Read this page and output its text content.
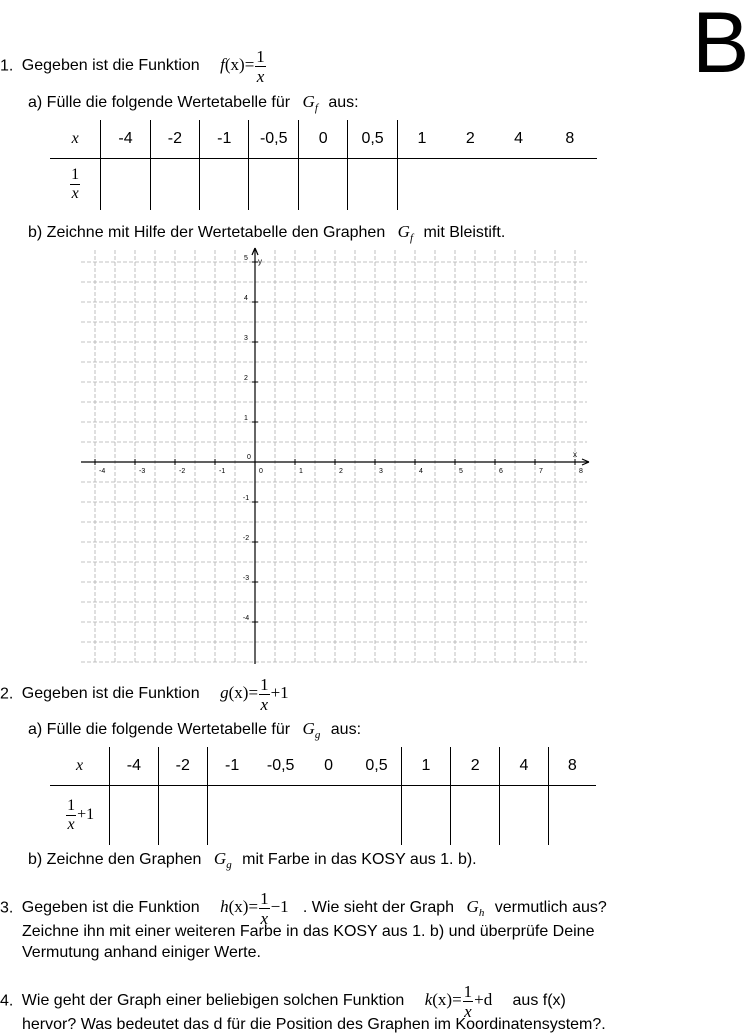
B
1. Gegeben ist die Funktion $f(x)= \frac{1}{x}$
a) Fülle die folgende Wertetabelle für $G_f$ aus:
x	-4	-2	-1	-0,5	0	0,5	1	2	4	8

$\frac{1}{x}$

b) Zeichne mit Hilfe der Wertetabelle den Graphen $G_f$ mit Bleistift.
x
y
-4	-3	-2	-1	0	1	2	3	4	5	6	7	8
5
4
3
2
1
-1
-2
-3
-4
0
2. Gegeben ist die Funktion $g(x)= \frac{1}{x} +1$
a) Fülle die folgende Wertetabelle für $G_g$ aus:
x	-4	-2	-1	-0,5	0	0,5	1	2	4	8

$\frac{1}{x} +1$										
b) Zeichne den Graphen $G_g$ mit Farbe in das KOSY aus 1. b).
3. Gegeben ist die Funktion $h(x)= \frac{1}{x} -1$ . Wie sieht der Graph $G_h$ vermutlich aus?
Zeichne ihn mit einer weiteren Farbe in das KOSY aus 1. b) und überprüfe Deine
Vermutung anhand einiger Werte.
4. Wie geht der Graph einer beliebigen solchen Funktion $k(x)= \frac{1}{x} +d$ aus f(x)
hervor? Was bedeutet das d für die Position des Graphen im Koordinatensystem?.
